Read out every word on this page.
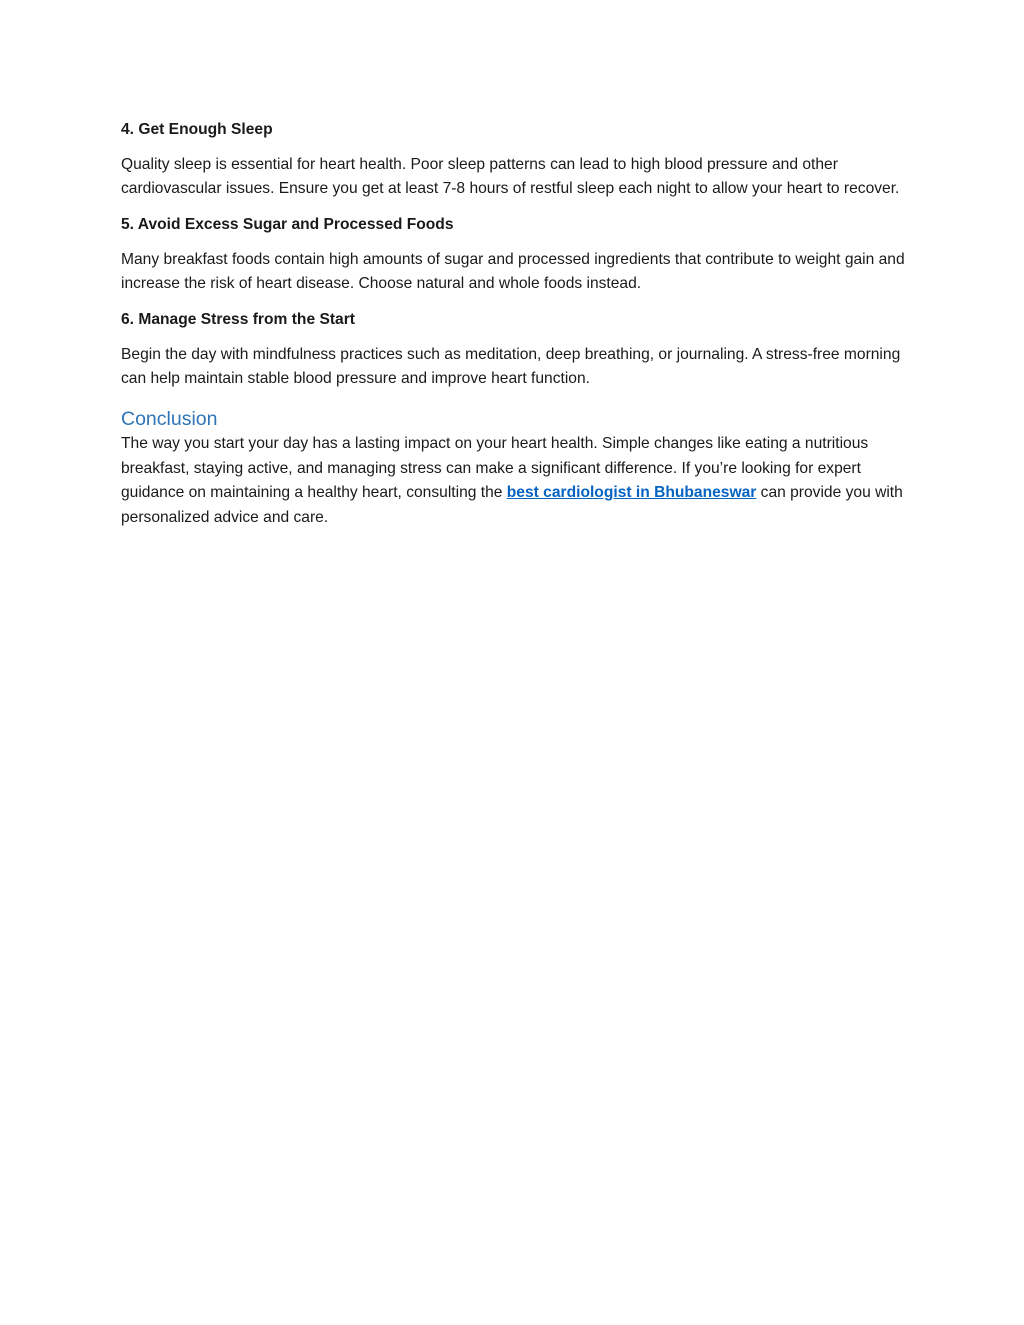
4. Get Enough Sleep

Quality sleep is essential for heart health. Poor sleep patterns can lead to high blood pressure and other cardiovascular issues. Ensure you get at least 7-8 hours of restful sleep each night to allow your heart to recover.

5. Avoid Excess Sugar and Processed Foods

Many breakfast foods contain high amounts of sugar and processed ingredients that contribute to weight gain and increase the risk of heart disease. Choose natural and whole foods instead.

6. Manage Stress from the Start

Begin the day with mindfulness practices such as meditation, deep breathing, or journaling. A stress-free morning can help maintain stable blood pressure and improve heart function.

Conclusion

The way you start your day has a lasting impact on your heart health. Simple changes like eating a nutritious breakfast, staying active, and managing stress can make a significant difference. If you’re looking for expert guidance on maintaining a healthy heart, consulting the best cardiologist in Bhubaneswar can provide you with personalized advice and care.
